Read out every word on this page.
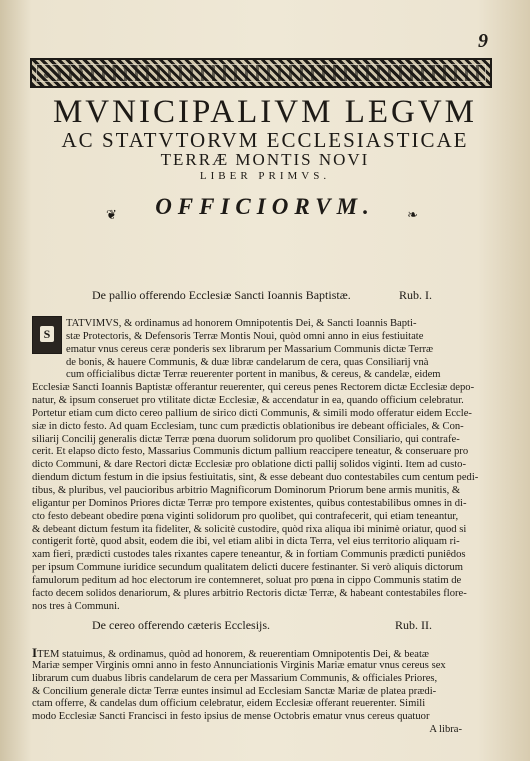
9
MVNICIPALIVM LEGVM
AC STATVTORVM ECCLESIASTICAE
TERRÆ MONTIS NOVI
LIBER PRIMVS.
❦	OFFICIORVM.	❧
De pallio offerendo Ecclesiæ Sancti Ioannis Baptistæ.	Rub. I.
S
TATVIMVS, & ordinamus ad honorem Omnipotentis Dei, & Sancti Ioannis Bapti-
stæ Protectoris, & Defensoris Terræ Montis Noui, quòd omni anno in eius festiuitate
ematur vnus cereus ceræ ponderis sex librarum per Massarium Communis dictæ Terræ
de bonis, & hauere Communis, & duæ libræ candelarum de cera, quas Consiliarij vnà
cum officialibus dictæ Terræ reuerenter portent in manibus, & cereus, & candelæ, eidem
Ecclesiæ Sancti Ioannis Baptistæ offerantur reuerenter, qui cereus penes Rectorem dictæ Ecclesiæ depo-
natur, & ipsum conseruet pro vtilitate dictæ Ecclesiæ, & accendatur in ea, quando officium celebratur.
Portetur etiam cum dicto cereo pallium de sirico dicti Communis, & simili modo offeratur eidem Eccle-
siæ in dicto festo. Ad quam Ecclesiam, tunc cum prædictis oblationibus ire debeant officiales, & Con-
siliarij Concilij generalis dictæ Terræ pœna duorum solidorum pro quolibet Consiliario, qui contrafe-
cerit. Et elapso dicto festo, Massarius Communis dictum pallium reaccipere teneatur, & conseruare pro
dicto Communi, & dare Rectori dictæ Ecclesiæ pro oblatione dicti pallij solidos viginti. Item ad custo-
diendum dictum festum in die ipsius festiuitatis, sint, & esse debeant duo contestabiles cum centum pedi-
tibus, & pluribus, vel paucioribus arbitrio Magnificorum Dominorum Priorum bene armis munitis, &
eligantur per Dominos Priores dictæ Terræ pro tempore existentes, quibus contestabilibus omnes in di-
cto festo debeant obedire pœna viginti solidorum pro quolibet, qui contrafecerit, qui etiam teneantur,
& debeant dictum festum ita fideliter, & solicitè custodire, quòd rixa aliqua ibi minimè oriatur, quod si
contigerit fortè, quod absit, eodem die ibi, vel etiam alibi in dicta Terra, vel eius territorio aliquam ri-
xam fieri, prædicti custodes tales rixantes capere teneantur, & in fortiam Communis prædicti puniêdos
per ipsum Commune iuridice secundum qualitatem delicti ducere festinanter. Si verò aliquis dictorum
famulorum peditum ad hoc electorum ire contemneret, soluat pro pœna in cippo Communis statim de
facto decem solidos denariorum, & plures arbitrio Rectoris dictæ Terræ, & habeant contestabiles flore-
nos tres à Communi.
De cereo offerendo cæteris Ecclesijs.	Rub. II.
ITEM statuimus, & ordinamus, quòd ad honorem, & reuerentiam Omnipotentis Dei, & beatæ
Mariæ semper Virginis omni anno in festo Annunciationis Virginis Mariæ ematur vnus cereus sex
librarum cum duabus libris candelarum de cera per Massarium Communis, & officiales Priores,
& Concilium generale dictæ Terræ euntes insimul ad Ecclesiam Sanctæ Mariæ de platea prædi-
ctam offerre, & candelas dum officium celebratur, eidem Ecclesiæ offerant reuerenter. Simili
modo Ecclesiæ Sancti Francisci in festo ipsius de mense Octobris ematur vnus cereus quatuor
A libra-
